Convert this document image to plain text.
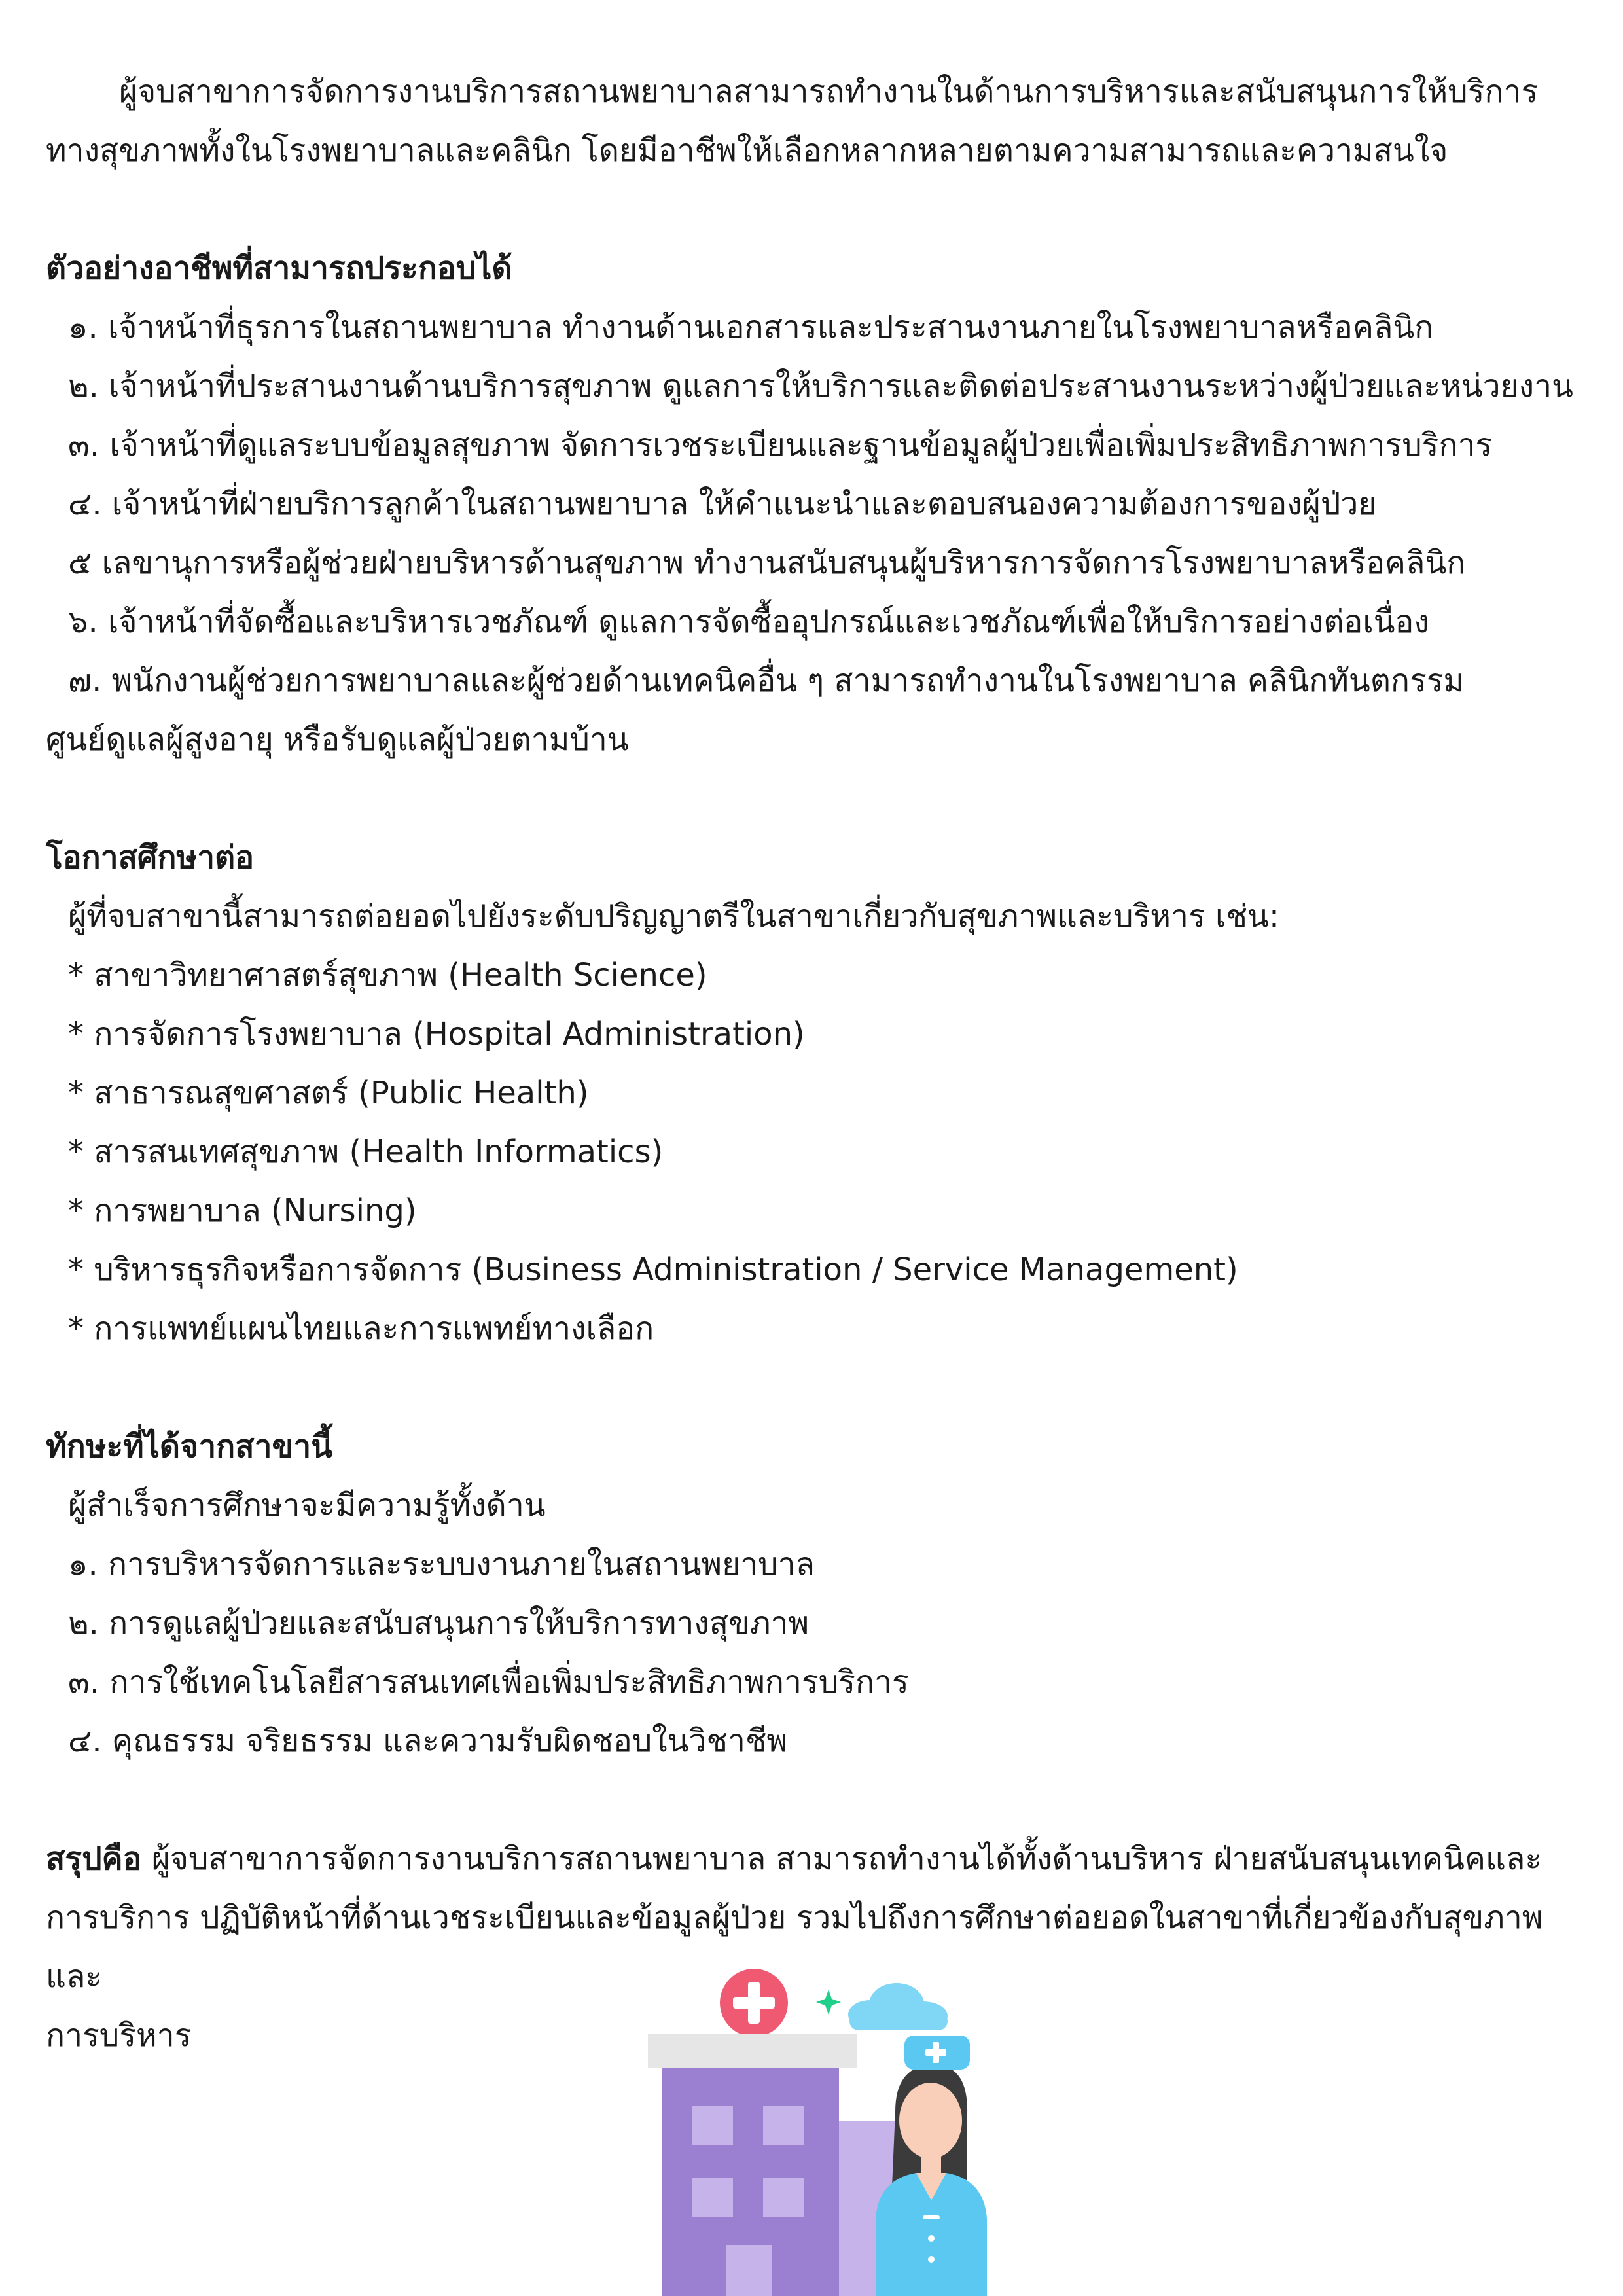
ผู้จบสาขาการจัดการงานบริการสถานพยาบาลสามารถทำงานในด้านการบริหารและสนับสนุนการให้บริการ

ทางสุขภาพทั้งในโรงพยาบาลและคลินิก โดยมีอาชีพให้เลือกหลากหลายตามความสามารถและความสนใจ

ตัวอย่างอาชีพที่สามารถประกอบได้

๑. เจ้าหน้าที่ธุรการในสถานพยาบาล ทำงานด้านเอกสารและประสานงานภายในโรงพยาบาลหรือคลินิก

๒. เจ้าหน้าที่ประสานงานด้านบริการสุขภาพ ดูแลการให้บริการและติดต่อประสานงานระหว่างผู้ป่วยและหน่วยงาน

๓. เจ้าหน้าที่ดูแลระบบข้อมูลสุขภาพ จัดการเวชระเบียนและฐานข้อมูลผู้ป่วยเพื่อเพิ่มประสิทธิภาพการบริการ

๔. เจ้าหน้าที่ฝ่ายบริการลูกค้าในสถานพยาบาล ให้คำแนะนำและตอบสนองความต้องการของผู้ป่วย

๕ เลขานุการหรือผู้ช่วยฝ่ายบริหารด้านสุขภาพ ทำงานสนับสนุนผู้บริหารการจัดการโรงพยาบาลหรือคลินิก

๖. เจ้าหน้าที่จัดซื้อและบริหารเวชภัณฑ์ ดูแลการจัดซื้ออุปกรณ์และเวชภัณฑ์เพื่อให้บริการอย่างต่อเนื่อง

๗. พนักงานผู้ช่วยการพยาบาลและผู้ช่วยด้านเทคนิคอื่น ๆ สามารถทำงานในโรงพยาบาล คลินิกทันตกรรม

ศูนย์ดูแลผู้สูงอายุ หรือรับดูแลผู้ป่วยตามบ้าน

โอกาสศึกษาต่อ

ผู้ที่จบสาขานี้สามารถต่อยอดไปยังระดับปริญญาตรีในสาขาเกี่ยวกับสุขภาพและบริหาร เช่น:

* สาขาวิทยาศาสตร์สุขภาพ (Health Science)

* การจัดการโรงพยาบาล (Hospital Administration)

* สาธารณสุขศาสตร์ (Public Health)

* สารสนเทศสุขภาพ (Health Informatics)

* การพยาบาล (Nursing)

* บริหารธุรกิจหรือการจัดการ (Business Administration / Service Management)

* การแพทย์แผนไทยและการแพทย์ทางเลือก

ทักษะที่ได้จากสาขานี้

ผู้สำเร็จการศึกษาจะมีความรู้ทั้งด้าน

๑. การบริหารจัดการและระบบงานภายในสถานพยาบาล

๒. การดูแลผู้ป่วยและสนับสนุนการให้บริการทางสุขภาพ

๓. การใช้เทคโนโลยีสารสนเทศเพื่อเพิ่มประสิทธิภาพการบริการ

๔. คุณธรรม จริยธรรม และความรับผิดชอบในวิชาชีพ

สรุปคือ ผู้จบสาขาการจัดการงานบริการสถานพยาบาล สามารถทำงานได้ทั้งด้านบริหาร ฝ่ายสนับสนุนเทคนิคและ

การบริการ ปฏิบัติหน้าที่ด้านเวชระเบียนและข้อมูลผู้ป่วย รวมไปถึงการศึกษาต่อยอดในสาขาที่เกี่ยวข้องกับสุขภาพและ

การบริหาร
